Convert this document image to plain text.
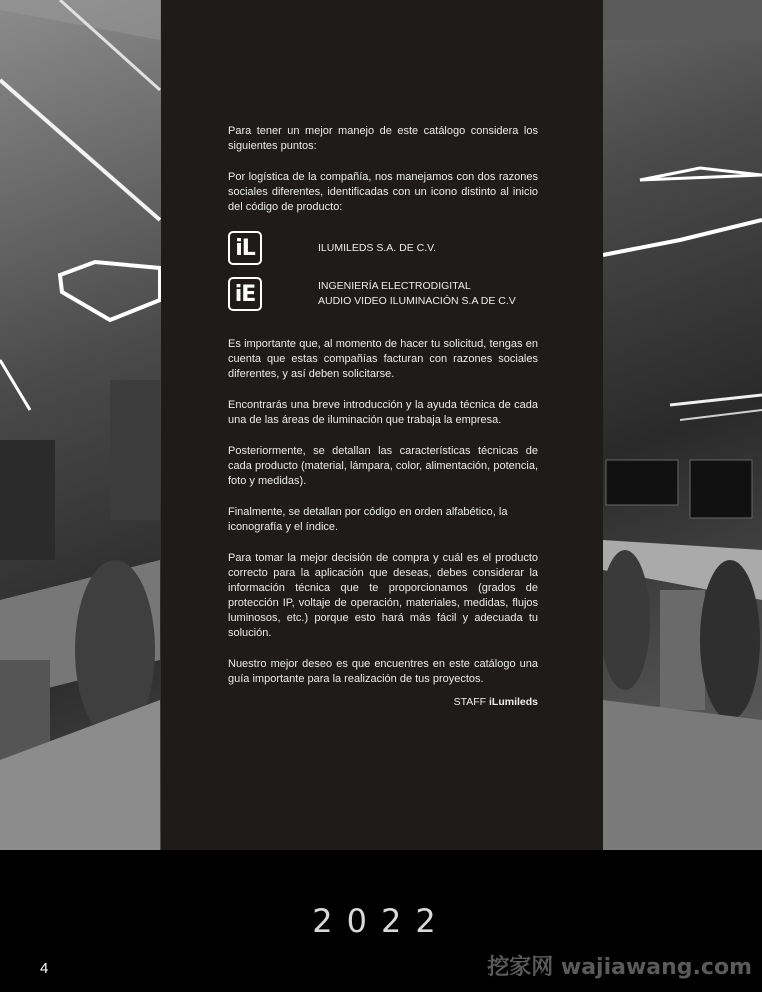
Para tener un mejor manejo de este catálogo considera los siguientes puntos:

Por logística de la compañía, nos manejamos con dos razones sociales diferentes, identificadas con un icono distinto al inicio del código de producto:

iL	ILUMILEDS S.A. DE C.V.
iE	INGENIERÍA ELECTRODIGITAL
AUDIO VIDEO ILUMINACIÓN S.A DE C.V

Es importante que, al momento de hacer tu solicitud, tengas en cuenta que estas compañías facturan con razones sociales diferentes, y así deben solicitarse.

Encontrarás una breve introducción y la ayuda técnica de cada una de las áreas de iluminación que trabaja la empresa.

Posteriormente, se detallan las características técnicas de cada producto (material, lámpara, color, alimentación, potencia, foto y medidas).

Finalmente, se detallan por código en orden alfabético, la iconografía y el índice.

Para tomar la mejor decisión de compra y cuál es el producto correcto para la aplicación que deseas, debes considerar la información técnica que te proporcionamos (grados de protección IP, voltaje de operación, materiales, medidas, flujos luminosos, etc.) porque esto hará más fácil y adecuada tu solución.

Nuestro mejor deseo es que encuentres en este catálogo una guía importante para la realización de tus proyectos.

STAFF iLumileds
2022
4	挖家网 wajiawang.com
